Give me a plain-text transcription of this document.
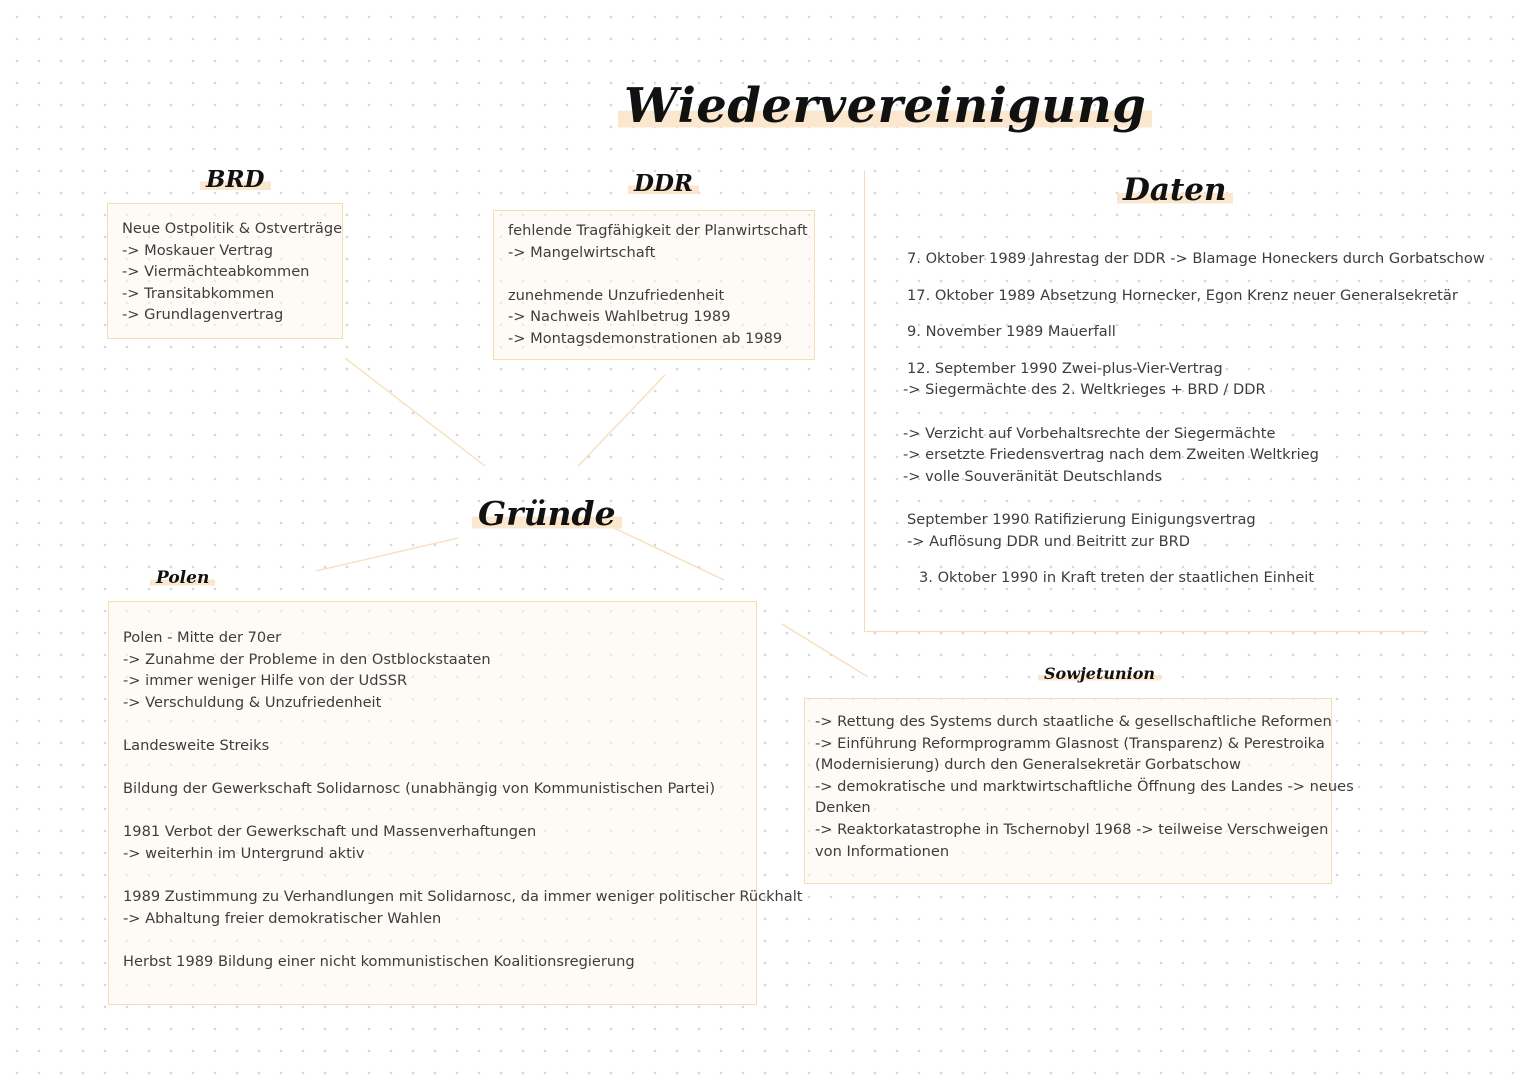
Wiedervereinigung
Gründe
BRD
Neue Ostpolitik & Ostverträge
-> Moskauer Vertrag
-> Viermächteabkommen
-> Transitabkommen
-> Grundlagenvertrag
DDR
fehlende Tragfähigkeit der Planwirtschaft
-> Mangelwirtschaft
zunehmende Unzufriedenheit
-> Nachweis Wahlbetrug 1989
-> Montagsdemonstrationen ab 1989
Daten
7. Oktober 1989 Jahrestag der DDR -> Blamage Honeckers durch Gorbatschow
17. Oktober 1989 Absetzung Hornecker, Egon Krenz neuer Generalsekretär
9. November 1989 Mauerfall
12. September 1990 Zwei-plus-Vier-Vertrag
-> Siegermächte des 2. Weltkrieges + BRD / DDR
-> Verzicht auf Vorbehaltsrechte der Siegermächte
-> ersetzte Friedensvertrag nach dem Zweiten Weltkrieg
-> volle Souveränität Deutschlands
September 1990 Ratifizierung Einigungsvertrag
-> Auflösung DDR und Beitritt zur BRD
3. Oktober 1990 in Kraft treten der staatlichen Einheit
Polen
Polen - Mitte der 70er
-> Zunahme der Probleme in den Ostblockstaaten
-> immer weniger Hilfe von der UdSSR
-> Verschuldung & Unzufriedenheit
Landesweite Streiks
Bildung der Gewerkschaft Solidarnosc (unabhängig von Kommunistischen Partei)
1981 Verbot der Gewerkschaft und Massenverhaftungen
-> weiterhin im Untergrund aktiv
1989 Zustimmung zu Verhandlungen mit Solidarnosc, da immer weniger politischer Rückhalt
-> Abhaltung freier demokratischer Wahlen
Herbst 1989 Bildung einer nicht kommunistischen Koalitionsregierung
Sowjetunion
-> Rettung des Systems durch staatliche & gesellschaftliche Reformen
-> Einführung Reformprogramm Glasnost (Transparenz) & Perestroika
(Modernisierung) durch den Generalsekretär Gorbatschow
-> demokratische und marktwirtschaftliche Öffnung des Landes -> neues
Denken
-> Reaktorkatastrophe in Tschernobyl 1968 -> teilweise Verschweigen
von Informationen
